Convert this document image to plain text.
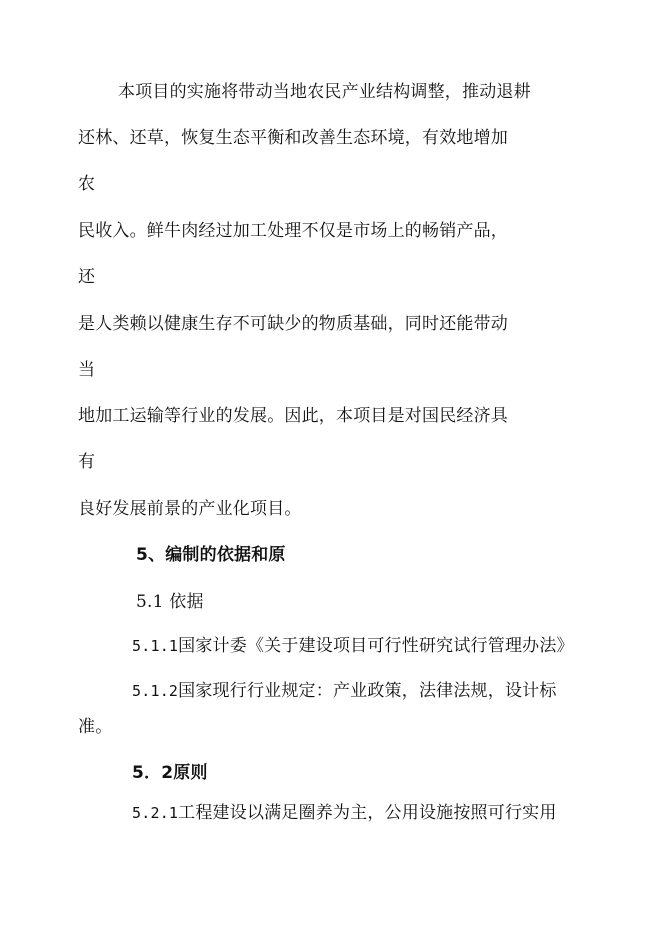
本项目的实施将带动当地农民产业结构调整，推动退耕
还林、还草，恢复生态平衡和改善生态环境，有效地增加
农
民收入。鲜牛肉经过加工处理不仅是市场上的畅销产品，
还
是人类赖以健康生存不可缺少的物质基础，同时还能带动
当
地加工运输等行业的发展。因此，本项目是对国民经济具
有
良好发展前景的产业化项目。
5、编制的依据和原
5.1 依据
5.1.1国家计委《关于建设项目可行性研究试行管理办法》
5.1.2国家现行行业规定：产业政策，法律法规，设计标
准。
5．2原则
5.2.1工程建设以满足圈养为主，公用设施按照可行实用
